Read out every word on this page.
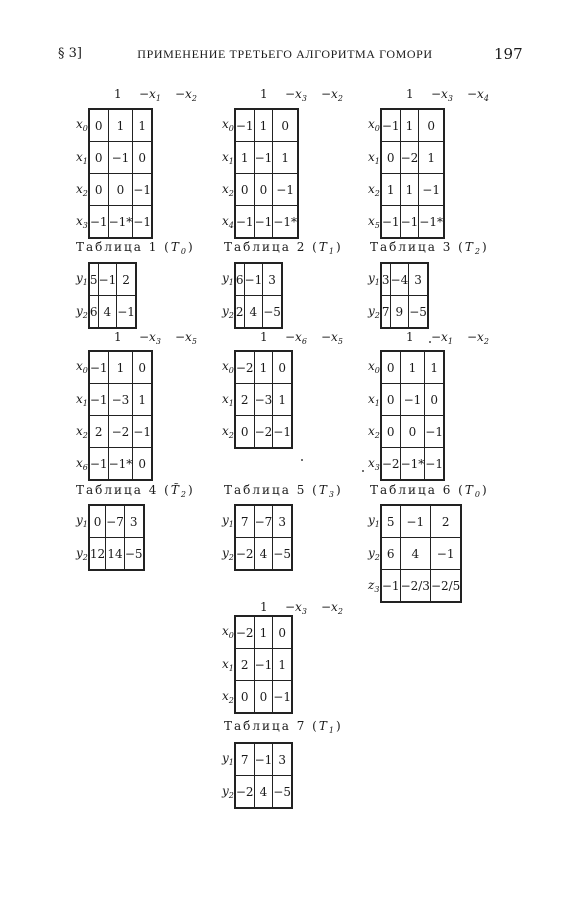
§ 3]	ПРИМЕНЕНИЕ ТРЕТЬЕГО АЛГОРИТМА ГОМОРИ	197
$1 -x_1 -x_2$
$x_0$	0	1	1
$x_1$	0	−1	0
$x_2$	0	0	−1
$x_3$	−1	−1*	−1
Таблица 1 $(T_0)$
$y_1$	5	−1	2
$y_2$	6	4	−1
$1 -x_3 -x_2$
$x_0$	−1	1	0
$x_1$	1	−1	1
$x_2$	0	0	−1
$x_4$	−1	−1	−1*
Таблица 2 $(T_1)$
$y_1$	6	−1	3
$y_2$	2	4	−5
$1 -x_3 -x_4$
$x_0$	−1	1	0
$x_1$	0	−2	1
$x_2$	1	1	−1
$x_5$	−1	−1	−1*
Таблица 3 $(T_2)$
$y_1$	3	−4	3
$y_2$	7	9	−5
$1 -x_3 -x_5$
$x_0$	−1	1	0
$x_1$	−1	−3	1
$x_2$	2	−2	−1
$x_6$	−1	−1*	0
Таблица 4 $(T̃_2)$
$y_1$	0	−7	3
$y_2$	12	14	−5
$1 -x_6 -x_5$
$x_0$	−2	1	0
$x_1$	2	−3	1
$x_2$	0	−2	−1
Таблица 5 $(T_3)$
$y_1$	7	−7	3
$y_2$	−2	4	−5
$1 -x_1 -x_2$
$x_0$	0	1	1
$x_1$	0	−1	0
$x_2$	0	0	−1
$x_3$	−2	−1*	−1
Таблица 6 $(T_0)$
$y_1$	5	−1	2
$y_2$	6	4	−1
$z_3$	−1	−2/3	−2/5
$1 -x_3 -x_2$
$x_0$	−2	1	0
$x_1$	2	−1	1
$x_2$	0	0	−1
Таблица 7 $(T_1)$
$y_1$	7	−1	3
$y_2$	−2	4	−5
